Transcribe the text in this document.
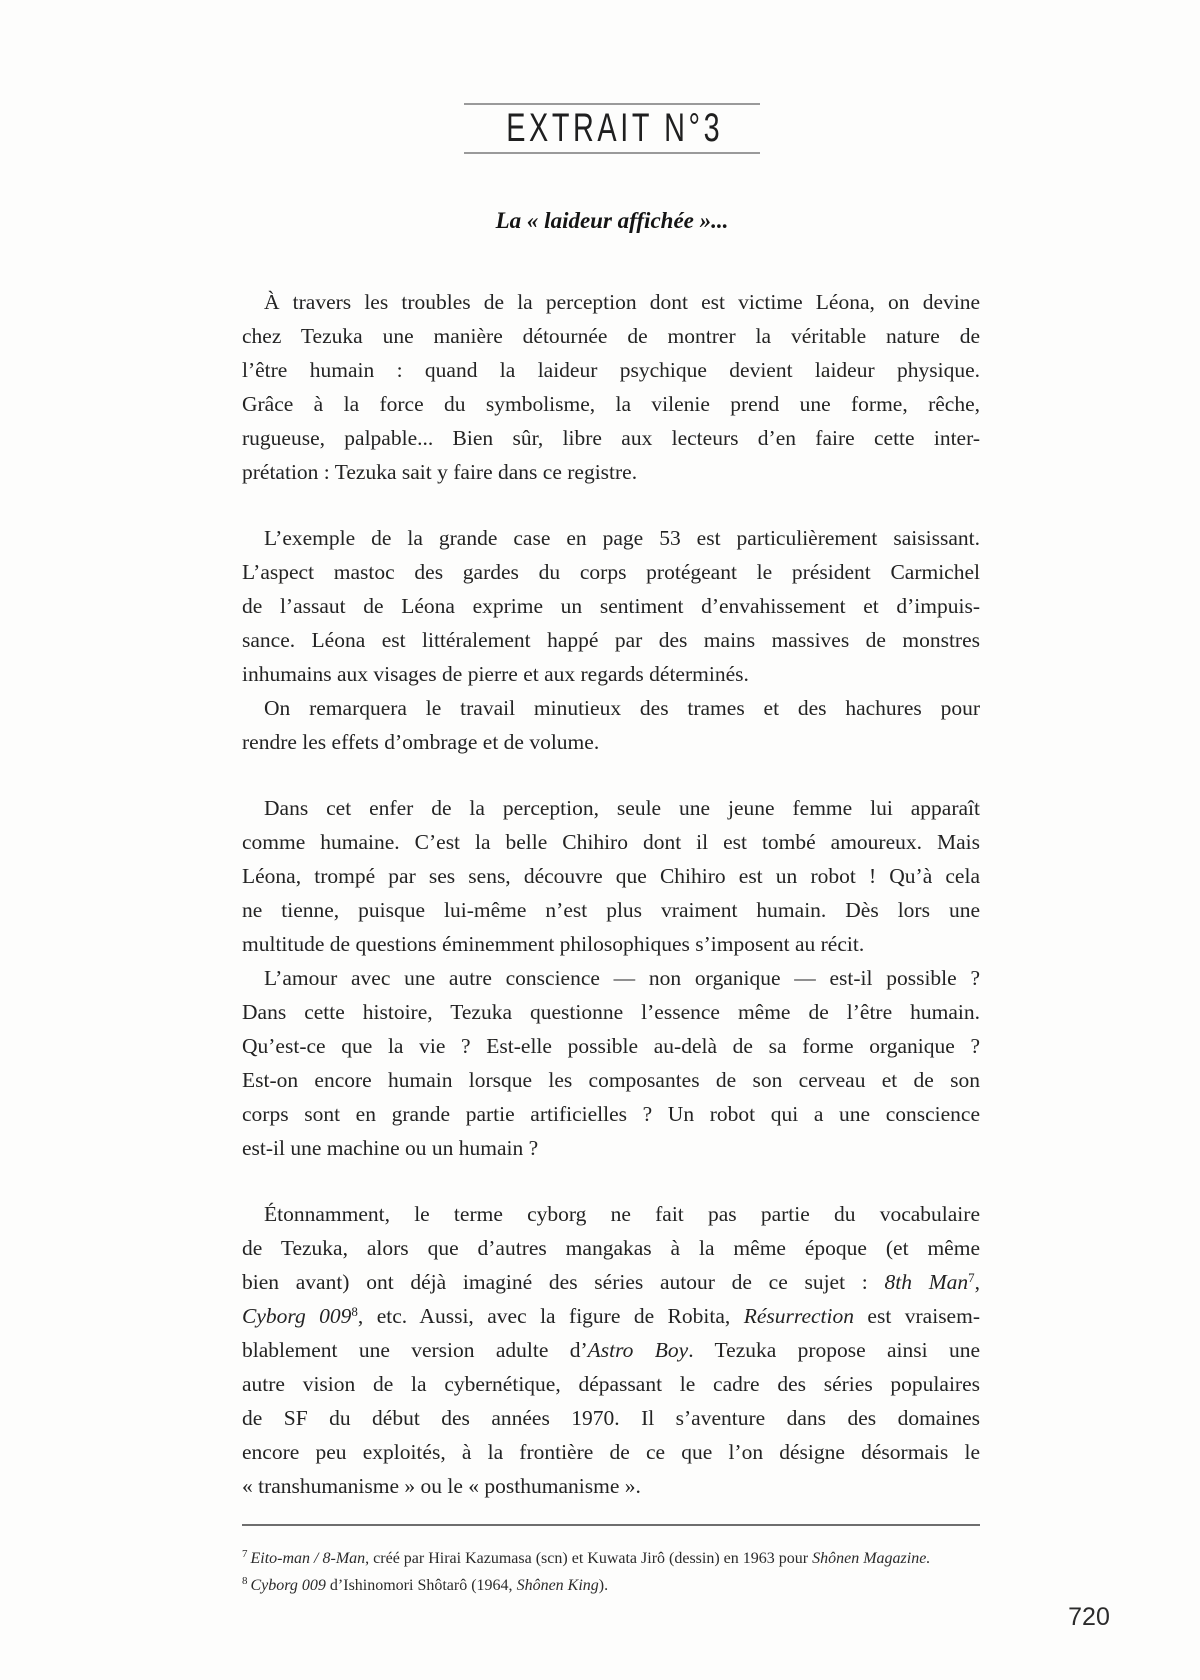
EXTRAIT N°3
La « laideur affichée »...
À travers les troubles de la perception dont est victime Léona, on devine
chez Tezuka une manière détournée de montrer la véritable nature de
l’être humain : quand la laideur psychique devient laideur physique.
Grâce à la force du symbolisme, la vilenie prend une forme, rêche,
rugueuse, palpable... Bien sûr, libre aux lecteurs d’en faire cette inter-
prétation : Tezuka sait y faire dans ce registre.
L’exemple de la grande case en page 53 est particulièrement saisissant.
L’aspect mastoc des gardes du corps protégeant le président Carmichel
de l’assaut de Léona exprime un sentiment d’envahissement et d’impuis-
sance. Léona est littéralement happé par des mains massives de monstres
inhumains aux visages de pierre et aux regards déterminés.
On remarquera le travail minutieux des trames et des hachures pour
rendre les effets d’ombrage et de volume.
Dans cet enfer de la perception, seule une jeune femme lui apparaît
comme humaine. C’est la belle Chihiro dont il est tombé amoureux. Mais
Léona, trompé par ses sens, découvre que Chihiro est un robot ! Qu’à cela
ne tienne, puisque lui-même n’est plus vraiment humain. Dès lors une
multitude de questions éminemment philosophiques s’imposent au récit.
L’amour avec une autre conscience — non organique — est-il possible ?
Dans cette histoire, Tezuka questionne l’essence même de l’être humain.
Qu’est-ce que la vie ? Est-elle possible au-delà de sa forme organique ?
Est-on encore humain lorsque les composantes de son cerveau et de son
corps sont en grande partie artificielles ? Un robot qui a une conscience
est-il une machine ou un humain ?
Étonnamment, le terme cyborg ne fait pas partie du vocabulaire
de Tezuka, alors que d’autres mangakas à la même époque (et même
bien avant) ont déjà imaginé des séries autour de ce sujet : 8th Man$^7$,
Cyborg $009^8$, etc. Aussi, avec la figure de Robita, Résurrection est vraisem-
blablement une version adulte d’Astro Boy. Tezuka propose ainsi une
autre vision de la cybernétique, dépassant le cadre des séries populaires
de SF du début des années 1970. Il s’aventure dans des domaines
encore peu exploités, à la frontière de ce que l’on désigne désormais le
« transhumanisme » ou le « posthumanisme ».
$^7$ Eito-man / 8-Man, créé par Hirai Kazumasa (scn) et Kuwata Jirô (dessin) en 1963 pour Shônen Magazine.
$^8$ Cyborg 009 d’Ishinomori Shôtarô (1964, Shônen King).
720
